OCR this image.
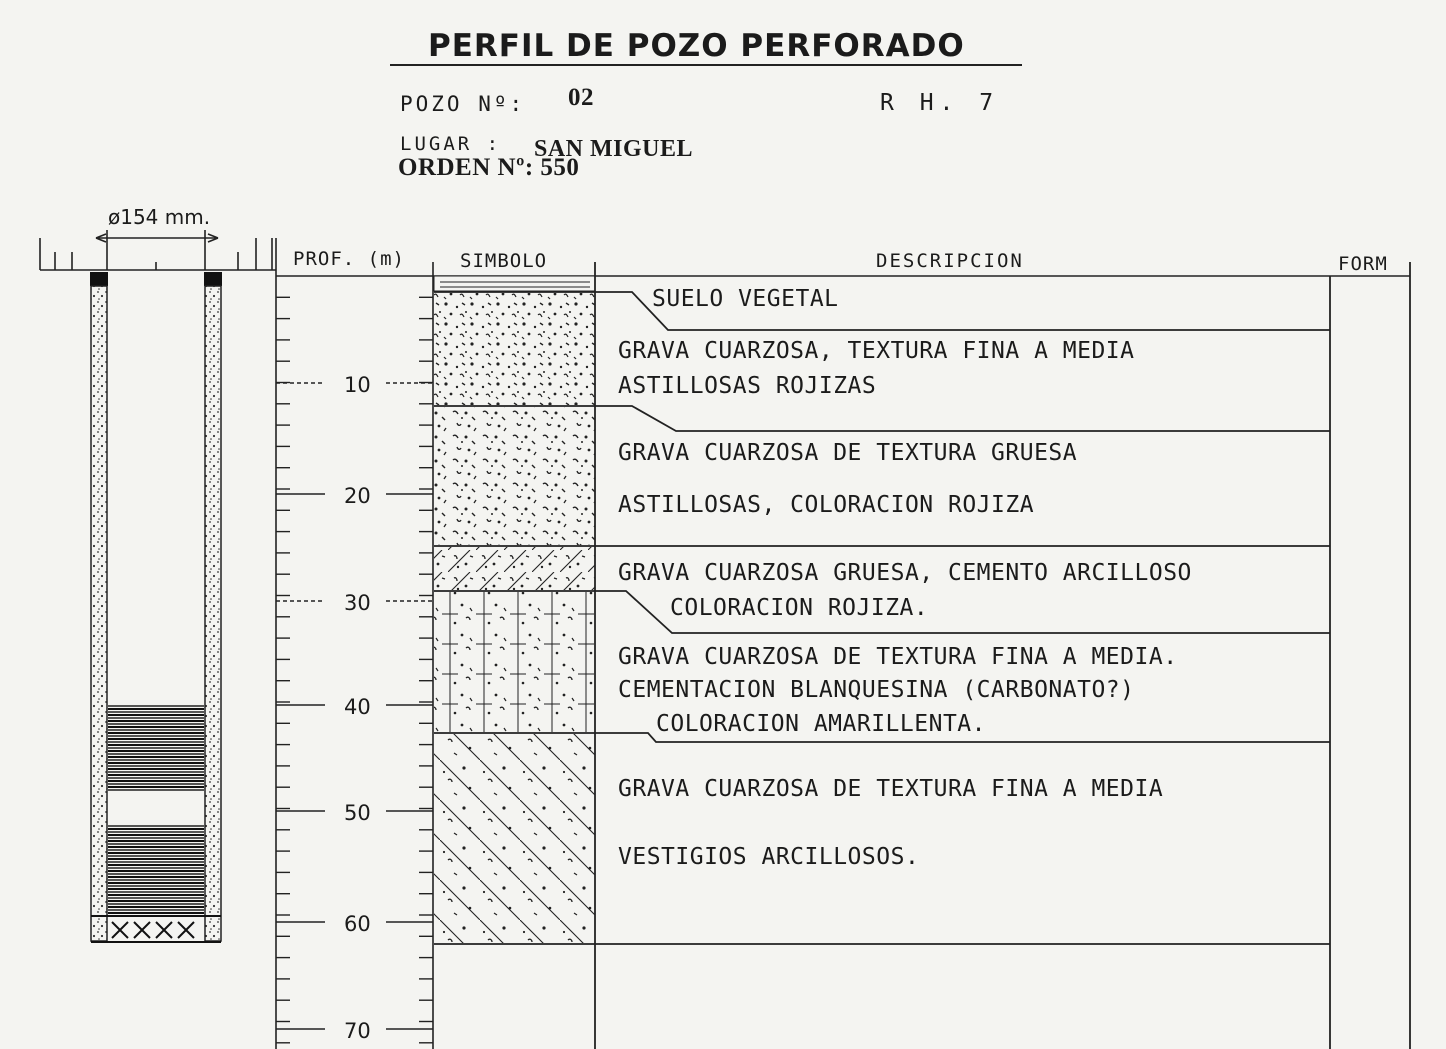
PERFIL DE POZO PERFORADO
POZO Nº: 02	R H. 7
LUGAR : SAN MIGUEL
ORDEN Nº: 550
ø154 mm.
PROF. (m)	SIMBOLO	DESCRIPCION	FORM
10
20
30
40
50
60
70
SUELO VEGETAL
GRAVA CUARZOSA, TEXTURA FINA A MEDIA
ASTILLOSAS ROJIZAS
GRAVA CUARZOSA DE TEXTURA GRUESA
ASTILLOSAS, COLORACION ROJIZA
GRAVA CUARZOSA GRUESA, CEMENTO ARCILLOSO
COLORACION ROJIZA.
GRAVA CUARZOSA DE TEXTURA FINA A MEDIA.
CEMENTACION BLANQUESINA (CARBONATO?)
COLORACION AMARILLENTA.
GRAVA CUARZOSA DE TEXTURA FINA A MEDIA
VESTIGIOS ARCILLOSOS.
